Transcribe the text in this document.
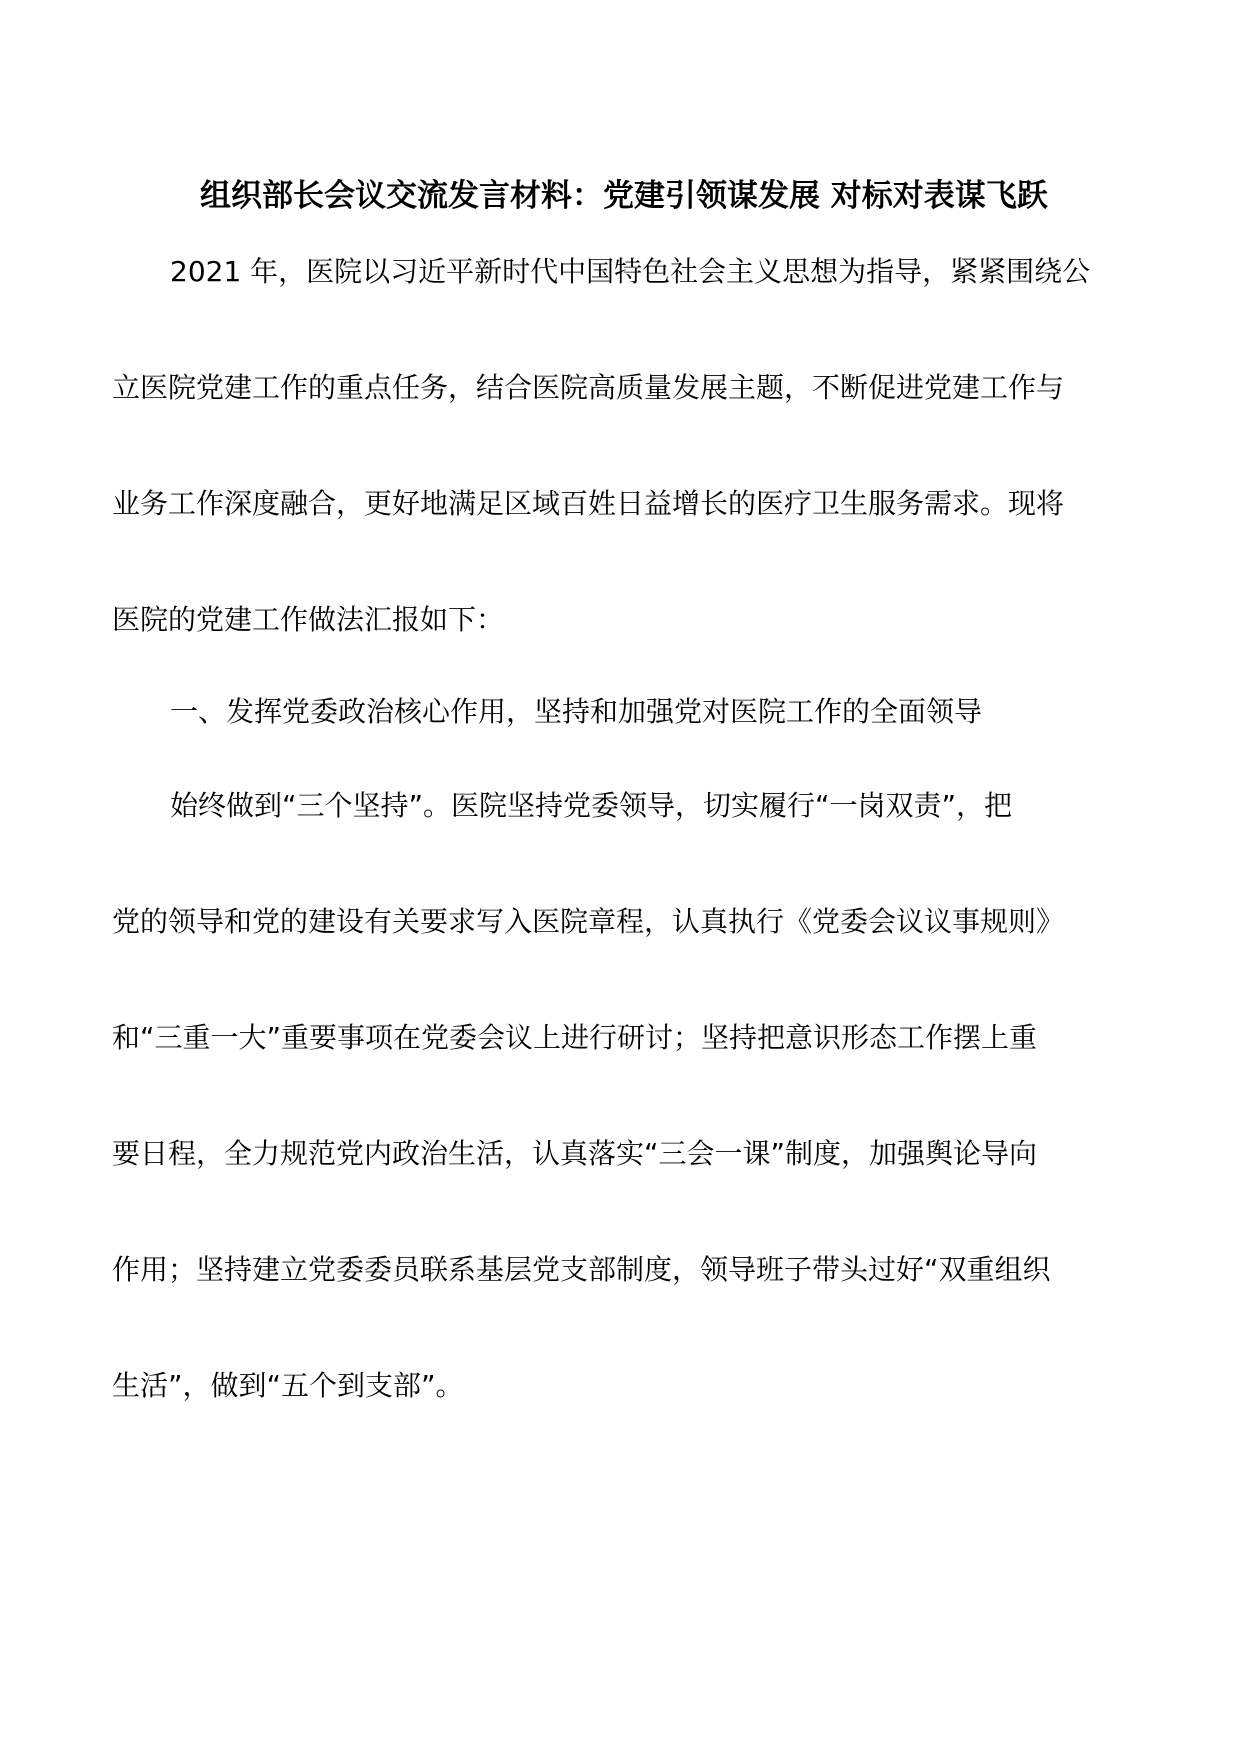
组织部长会议交流发言材料：党建引领谋发展 对标对表谋飞跃

2021 年，医院以习近平新时代中国特色社会主义思想为指导，紧紧围绕公

立医院党建工作的重点任务，结合医院高质量发展主题，不断促进党建工作与

业务工作深度融合，更好地满足区域百姓日益增长的医疗卫生服务需求。现将

医院的党建工作做法汇报如下：

一、发挥党委政治核心作用，坚持和加强党对医院工作的全面领导

始终做到“三个坚持”。医院坚持党委领导，切实履行“一岗双责”，把

党的领导和党的建设有关要求写入医院章程，认真执行《党委会议议事规则》

和“三重一大”重要事项在党委会议上进行研讨；坚持把意识形态工作摆上重

要日程，全力规范党内政治生活，认真落实“三会一课”制度，加强舆论导向

作用；坚持建立党委委员联系基层党支部制度，领导班子带头过好“双重组织

生活”，做到“五个到支部”。
